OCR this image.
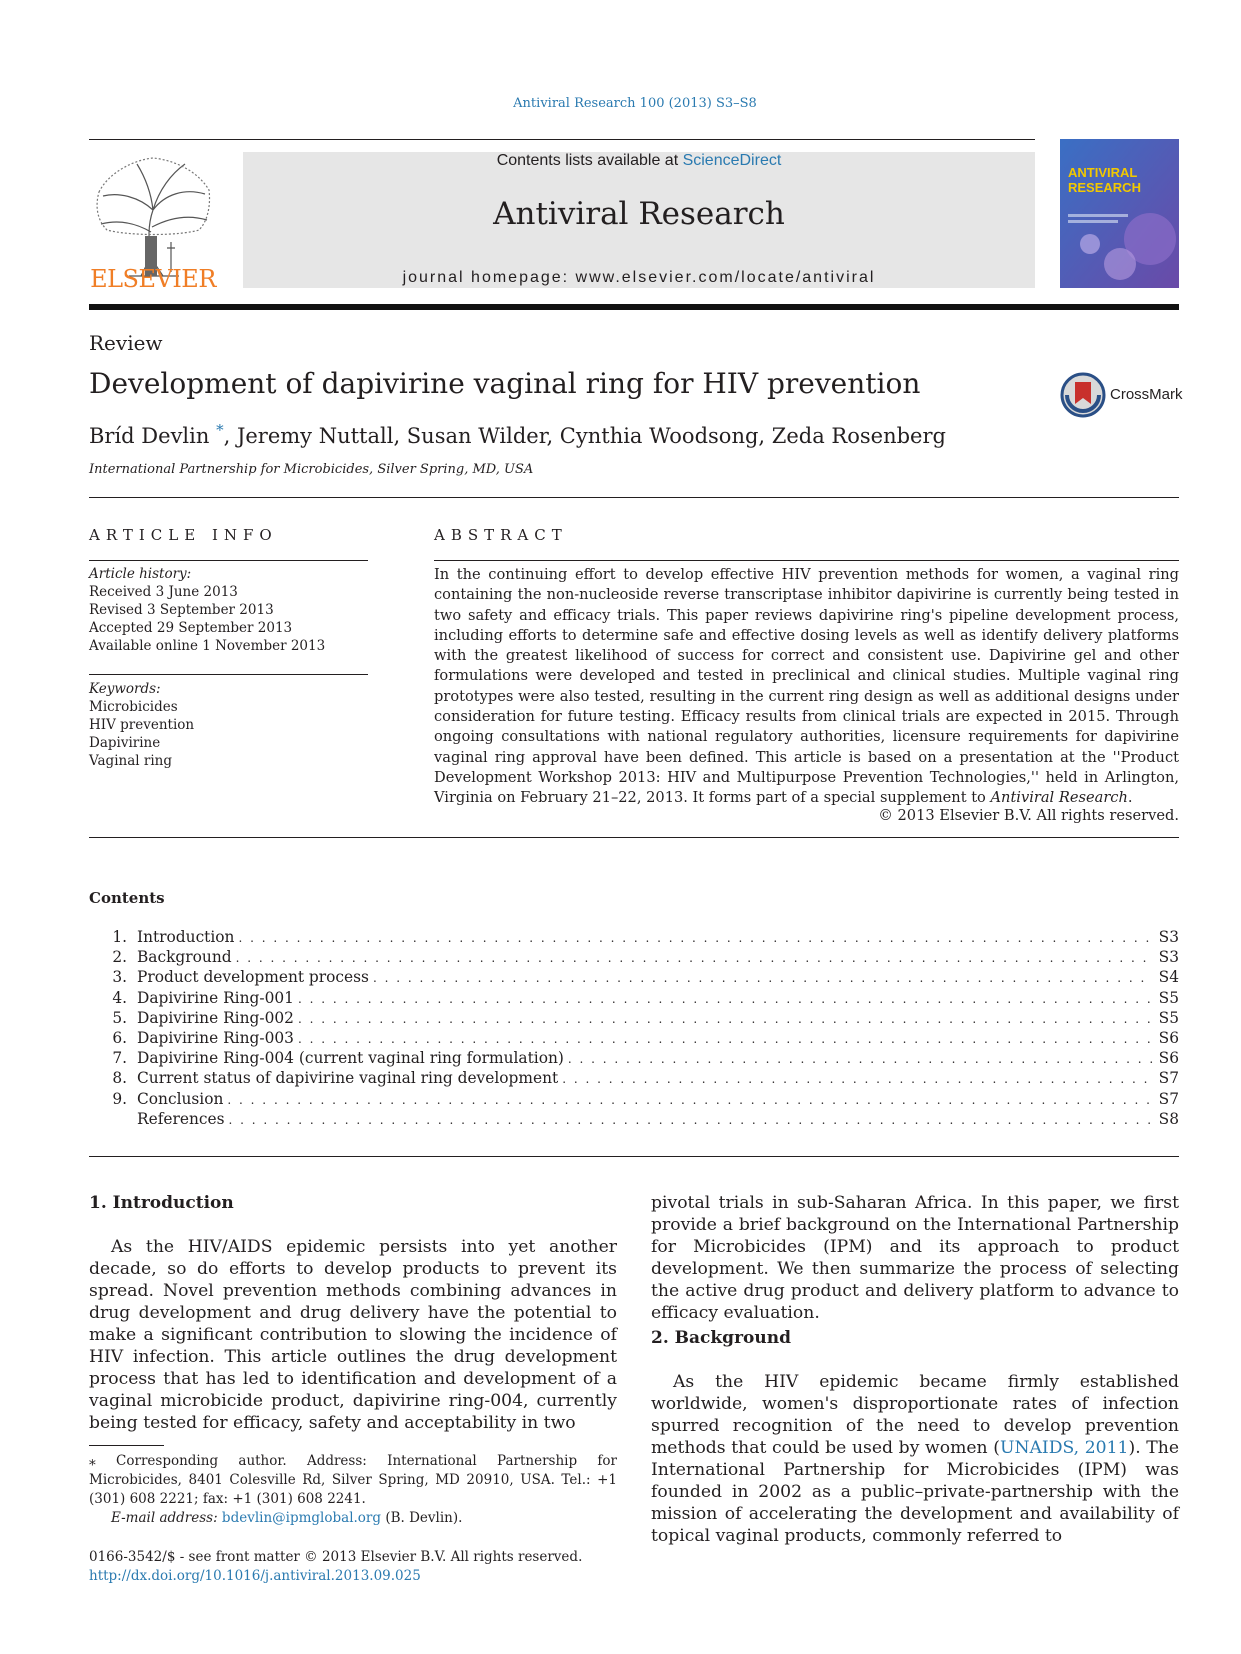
Antiviral Research 100 (2013) S3–S8
ELSEVIER
Contents lists available at ScienceDirect
Antiviral Research
journal homepage: www.elsevier.com/locate/antiviral
ANTIVIRAL
RESEARCH
Review
Development of dapivirine vaginal ring for HIV prevention
Bríd Devlin *, Jeremy Nuttall, Susan Wilder, Cynthia Woodsong, Zeda Rosenberg
International Partnership for Microbicides, Silver Spring, MD, USA
CrossMark
ARTICLE INFO	ABSTRACT
Article history:
Received 3 June 2013
Revised 3 September 2013
Accepted 29 September 2013
Available online 1 November 2013
Keywords:
Microbicides
HIV prevention
Dapivirine
Vaginal ring
In the continuing effort to develop effective HIV prevention methods for women, a vaginal ring containing the non-nucleoside reverse transcriptase inhibitor dapivirine is currently being tested in two safety and efficacy trials. This paper reviews dapivirine ring's pipeline development process, including efforts to determine safe and effective dosing levels as well as identify delivery platforms with the greatest likelihood of success for correct and consistent use. Dapivirine gel and other formulations were developed and tested in preclinical and clinical studies. Multiple vaginal ring prototypes were also tested, resulting in the current ring design as well as additional designs under consideration for future testing. Efficacy results from clinical trials are expected in 2015. Through ongoing consultations with national regulatory authorities, licensure requirements for dapivirine vaginal ring approval have been defined. This article is based on a presentation at the ''Product Development Workshop 2013: HIV and Multipurpose Prevention Technologies,'' held in Arlington, Virginia on February 21–22, 2013. It forms part of a special supplement to Antiviral Research.
© 2013 Elsevier B.V. All rights reserved.
Contents
1. Introduction . . .	S3
2. Background . . .	S3
3. Product development process . . .	S4
4. Dapivirine Ring-001 . . .	S5
5. Dapivirine Ring-002 . . .	S5
6. Dapivirine Ring-003 . . .	S6
7. Dapivirine Ring-004 (current vaginal ring formulation) . . .	S6
8. Current status of dapivirine vaginal ring development . . .	S7
9. Conclusion . . .	S7
References . . .	S8
1. Introduction

As the HIV/AIDS epidemic persists into yet another decade, so do efforts to develop products to prevent its spread. Novel prevention methods combining advances in drug development and drug delivery have the potential to make a significant contribution to slowing the incidence of HIV infection. This article outlines the drug development process that has led to identification and development of a vaginal microbicide product, dapivirine ring-004, currently being tested for efficacy, safety and acceptability in two

pivotal trials in sub-Saharan Africa. In this paper, we first provide a brief background on the International Partnership for Microbicides (IPM) and its approach to product development. We then summarize the process of selecting the active drug product and delivery platform to advance to efficacy evaluation.

2. Background

As the HIV epidemic became firmly established worldwide, women's disproportionate rates of infection spurred recognition of the need to develop prevention methods that could be used by women (UNAIDS, 2011). The International Partnership for Microbicides (IPM) was founded in 2002 as a public–private-partnership with the mission of accelerating the development and availability of topical vaginal products, commonly referred to

⁎ Corresponding author. Address: International Partnership for Microbicides, 8401 Colesville Rd, Silver Spring, MD 20910, USA. Tel.: +1 (301) 608 2221; fax: +1 (301) 608 2241.

E-mail address: bdevlin@ipmglobal.org (B. Devlin).

0166-3542/$ - see front matter © 2013 Elsevier B.V. All rights reserved.
http://dx.doi.org/10.1016/j.antiviral.2013.09.025
